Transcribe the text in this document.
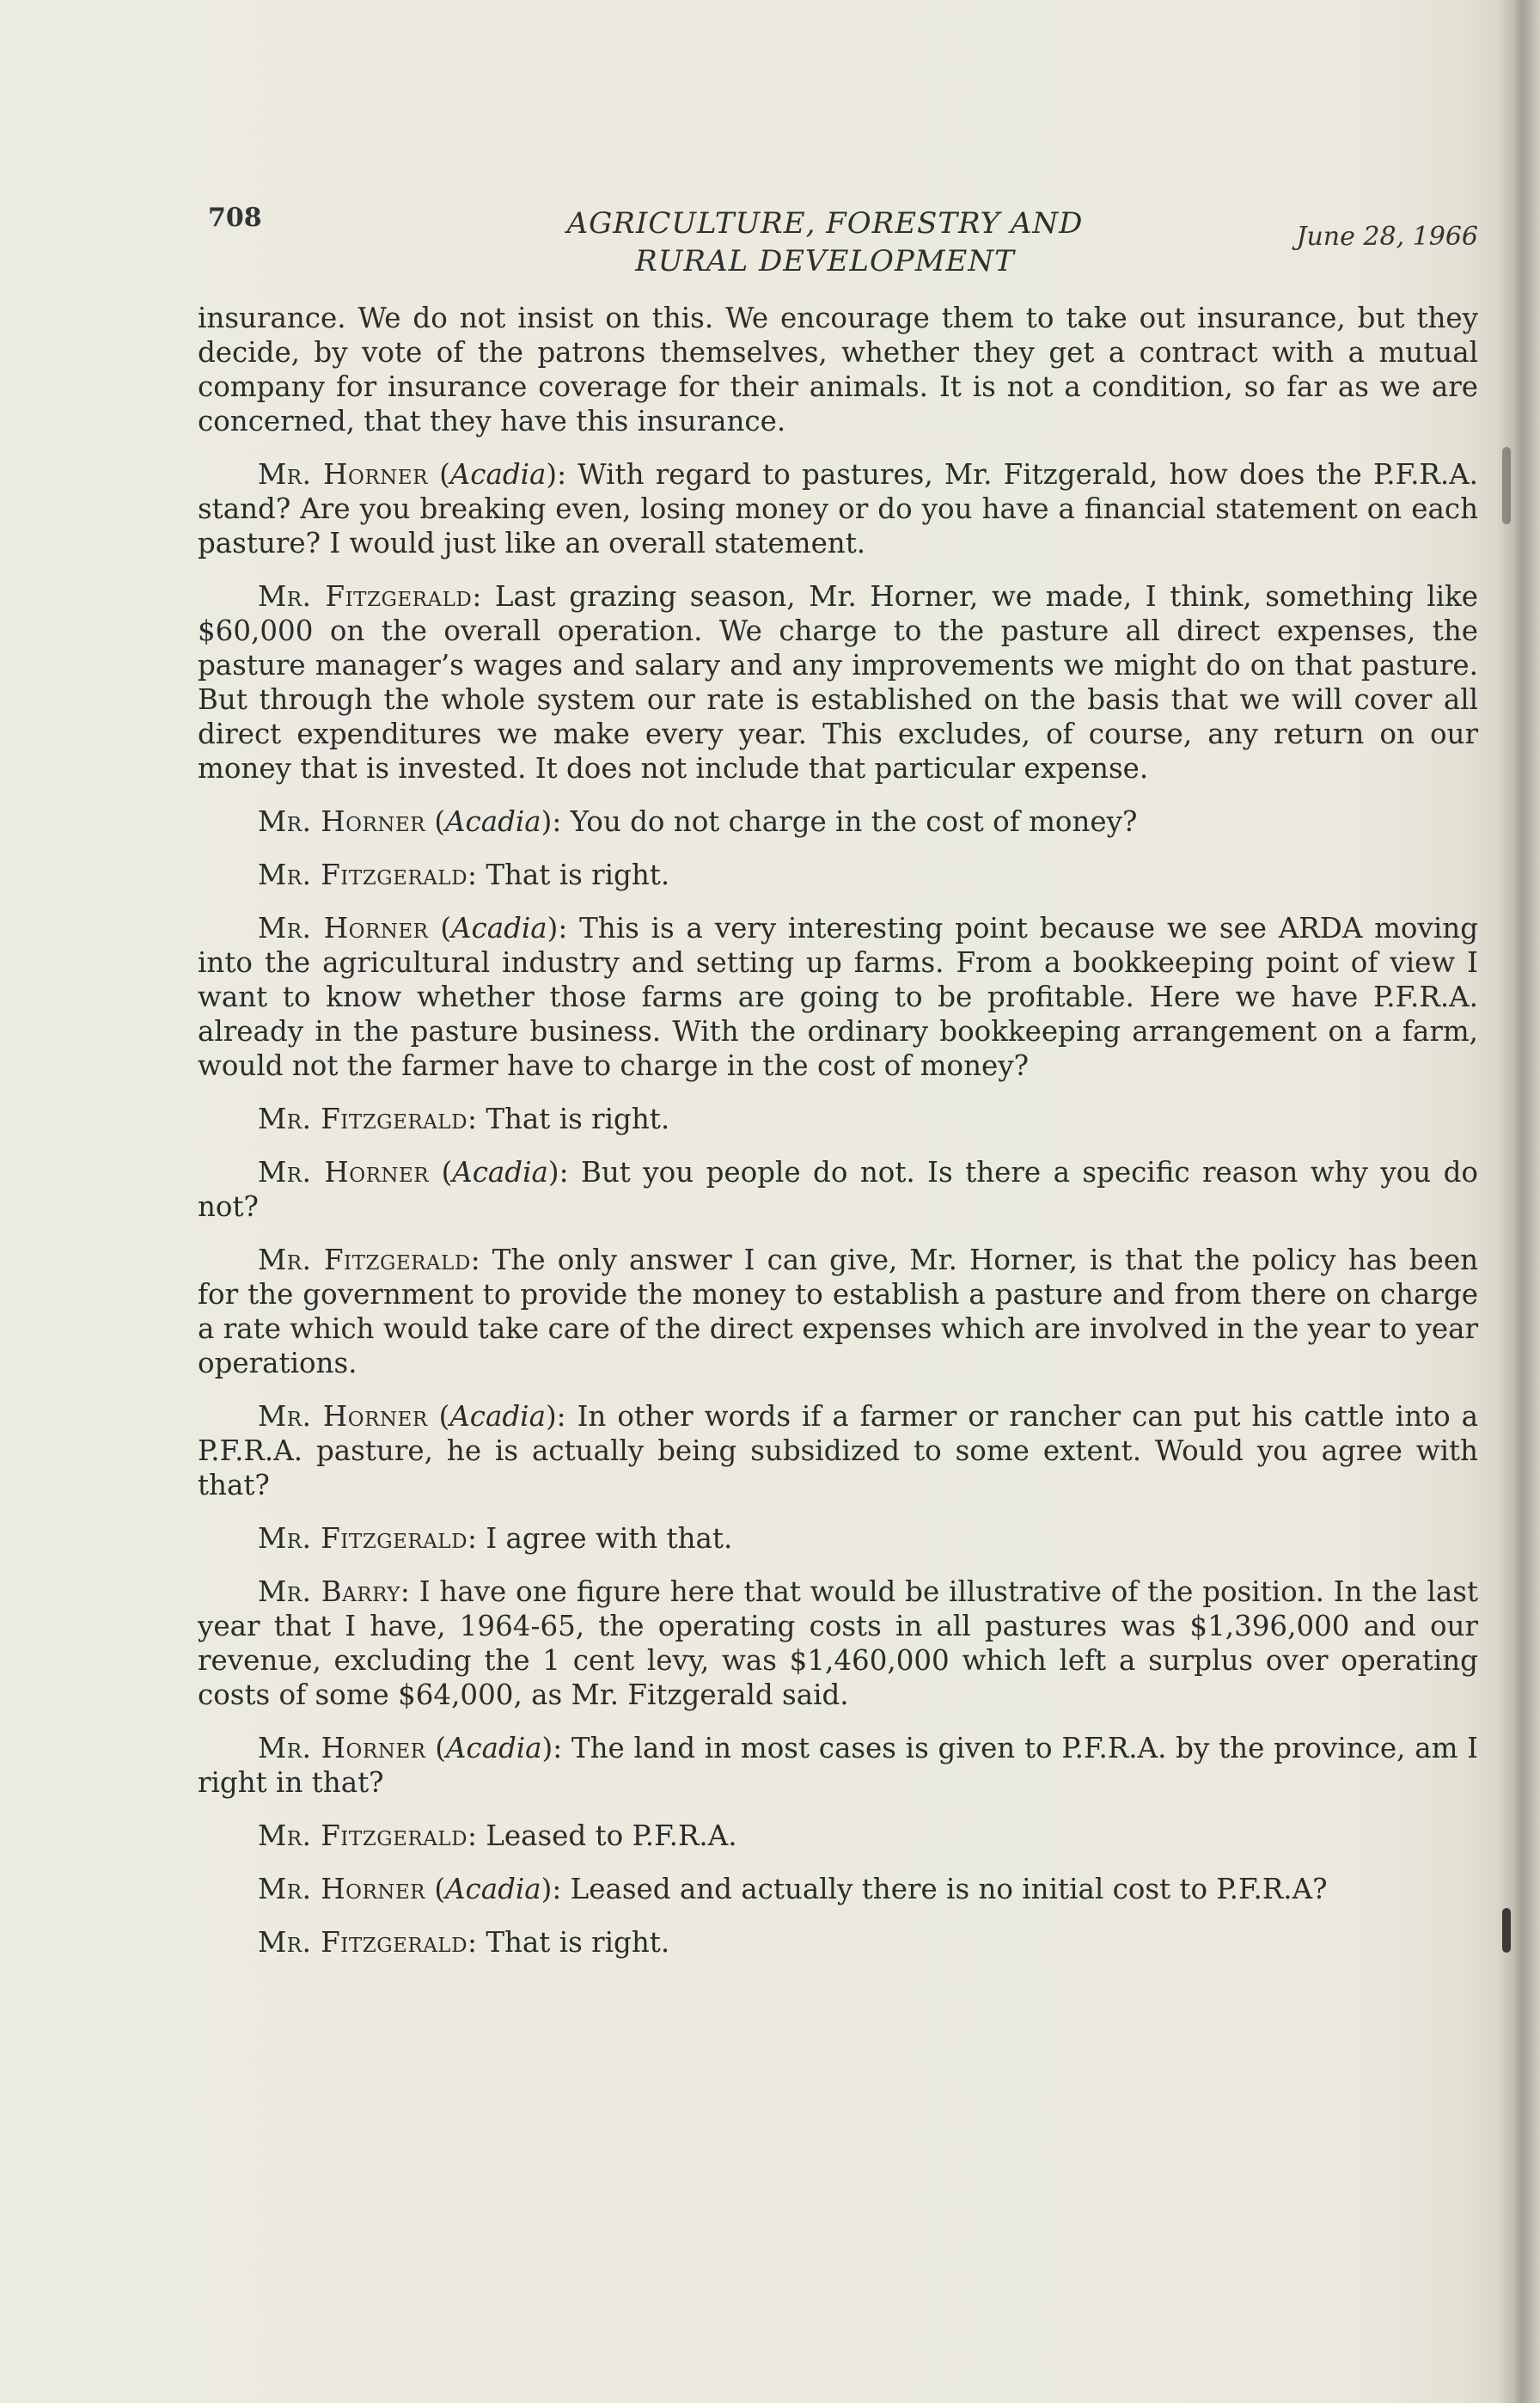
708	AGRICULTURE, FORESTRY AND
RURAL DEVELOPMENT
June 28, 1966

insurance. We do not insist on this. We encourage them to take out insurance, but they decide, by vote of the patrons themselves, whether they get a contract with a mutual company for insurance coverage for their animals. It is not a condition, so far as we are concerned, that they have this insurance.

Mr. Horner (Acadia): With regard to pastures, Mr. Fitzgerald, how does the P.F.R.A. stand? Are you breaking even, losing money or do you have a financial statement on each pasture? I would just like an overall statement.

Mr. Fitzgerald: Last grazing season, Mr. Horner, we made, I think, something like $60,000 on the overall operation. We charge to the pasture all direct expenses, the pasture manager’s wages and salary and any improvements we might do on that pasture. But through the whole system our rate is established on the basis that we will cover all direct expenditures we make every year. This excludes, of course, any return on our money that is invested. It does not include that particular expense.

Mr. Horner (Acadia): You do not charge in the cost of money?

Mr. Fitzgerald: That is right.

Mr. Horner (Acadia): This is a very interesting point because we see ARDA moving into the agricultural industry and setting up farms. From a bookkeeping point of view I want to know whether those farms are going to be profitable. Here we have P.F.R.A. already in the pasture business. With the ordinary bookkeeping arrangement on a farm, would not the farmer have to charge in the cost of money?

Mr. Fitzgerald: That is right.

Mr. Horner (Acadia): But you people do not. Is there a specific reason why you do not?

Mr. Fitzgerald: The only answer I can give, Mr. Horner, is that the policy has been for the government to provide the money to establish a pasture and from there on charge a rate which would take care of the direct expenses which are involved in the year to year operations.

Mr. Horner (Acadia): In other words if a farmer or rancher can put his cattle into a P.F.R.A. pasture, he is actually being subsidized to some extent. Would you agree with that?

Mr. Fitzgerald: I agree with that.

Mr. Barry: I have one figure here that would be illustrative of the position. In the last year that I have, 1964-65, the operating costs in all pastures was $1,396,000 and our revenue, excluding the 1 cent levy, was $1,460,000 which left a surplus over operating costs of some $64,000, as Mr. Fitzgerald said.

Mr. Horner (Acadia): The land in most cases is given to P.F.R.A. by the province, am I right in that?

Mr. Fitzgerald: Leased to P.F.R.A.

Mr. Horner (Acadia): Leased and actually there is no initial cost to P.F.R.A?

Mr. Fitzgerald: That is right.
